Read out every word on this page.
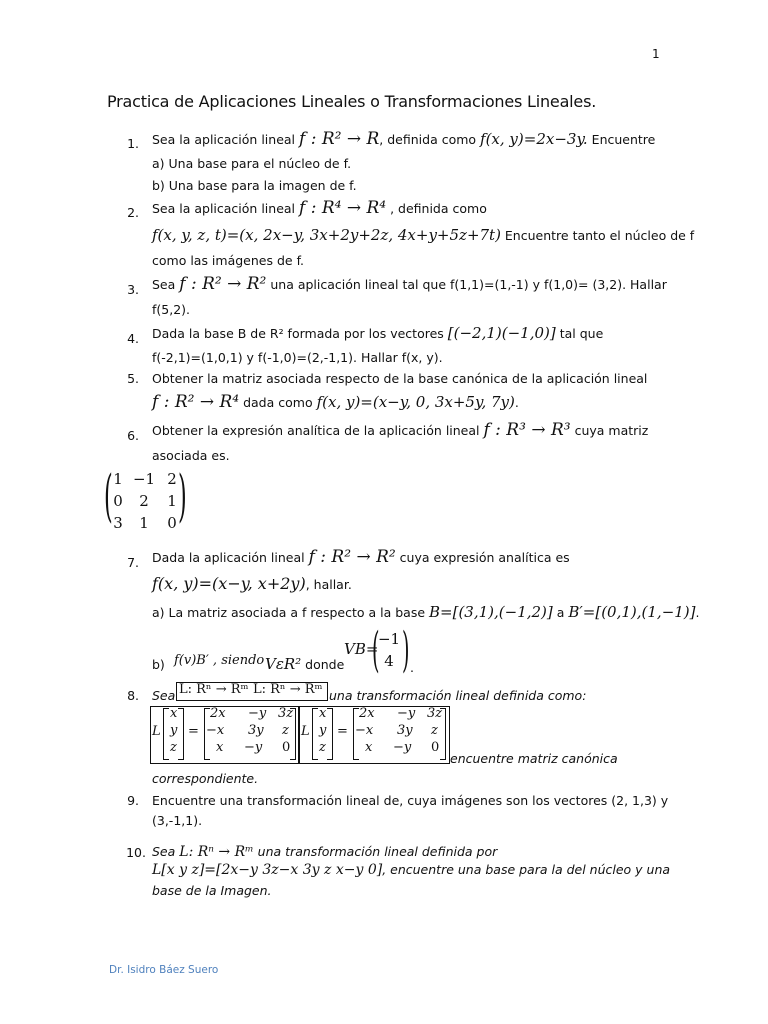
1
Practica de Aplicaciones Lineales o Transformaciones Lineales.
1. Sea la aplicación lineal f : R² → R, definida como f(x, y)=2x−3y. Encuentre
a) Una base para el núcleo de f.
b) Una base para la imagen de f.
2. Sea la aplicación lineal f : R⁴ → R⁴ , definida como
f(x, y, z, t)=(x, 2x−y, 3x+2y+2z, 4x+y+5z+7t) Encuentre tanto el núcleo de f
como las imágenes de f.
3. Sea f : R² → R² una aplicación lineal tal que f(1,1)=(1,-1) y f(1,0)= (3,2). Hallar
f(5,2).
4. Dada la base B de R² formada por los vectores [(−2,1)(−1,0)] tal que
f(-2,1)=(1,0,1) y f(-1,0)=(2,-1,1). Hallar f(x, y).
5. Obtener la matriz asociada respecto de la base canónica de la aplicación lineal
f : R² → R⁴ dada como f(x, y)=(x−y, 0, 3x+5y, 7y).
6. Obtener la expresión analítica de la aplicación lineal f : R³ → R³ cuya matriz
asociada es.
( 1 −1 2
0	2	1
3	1	0 )
7. Dada la aplicación lineal f : R² → R² cuya expresión analítica es
f(x, y)=(x−y, x+2y), hallar.
a) La matriz asociada a f respecto a la base B=[(3,1),(−1,2)] a B′=[(0,1),(1,−1)].
b) f(v)B′ , siendo VεR² donde
VB=
(
−1
4 ) .
8. Sea L: Rⁿ → Rᵐ L: Rⁿ → Rᵐ una transformación lineal definida como:
L
x
y
z
=
2x	−y 3z
−x	3y	z
x	−y	0
L
x
y
z
=
2x	−y 3z
−x	3y	z
x	−y	0
encuentre matriz canónica
correspondiente.
9. Encuentre una transformación lineal de, cuya imágenes son los vectores (2, 1,3) y
(3,-1,1).
10. Sea L: Rⁿ → Rᵐ una transformación lineal definida por
L[x y z]=[2x−y 3z−x 3y z x−y 0], encuentre una base para la del núcleo y una
base de la Imagen.
Dr. Isidro Báez Suero
